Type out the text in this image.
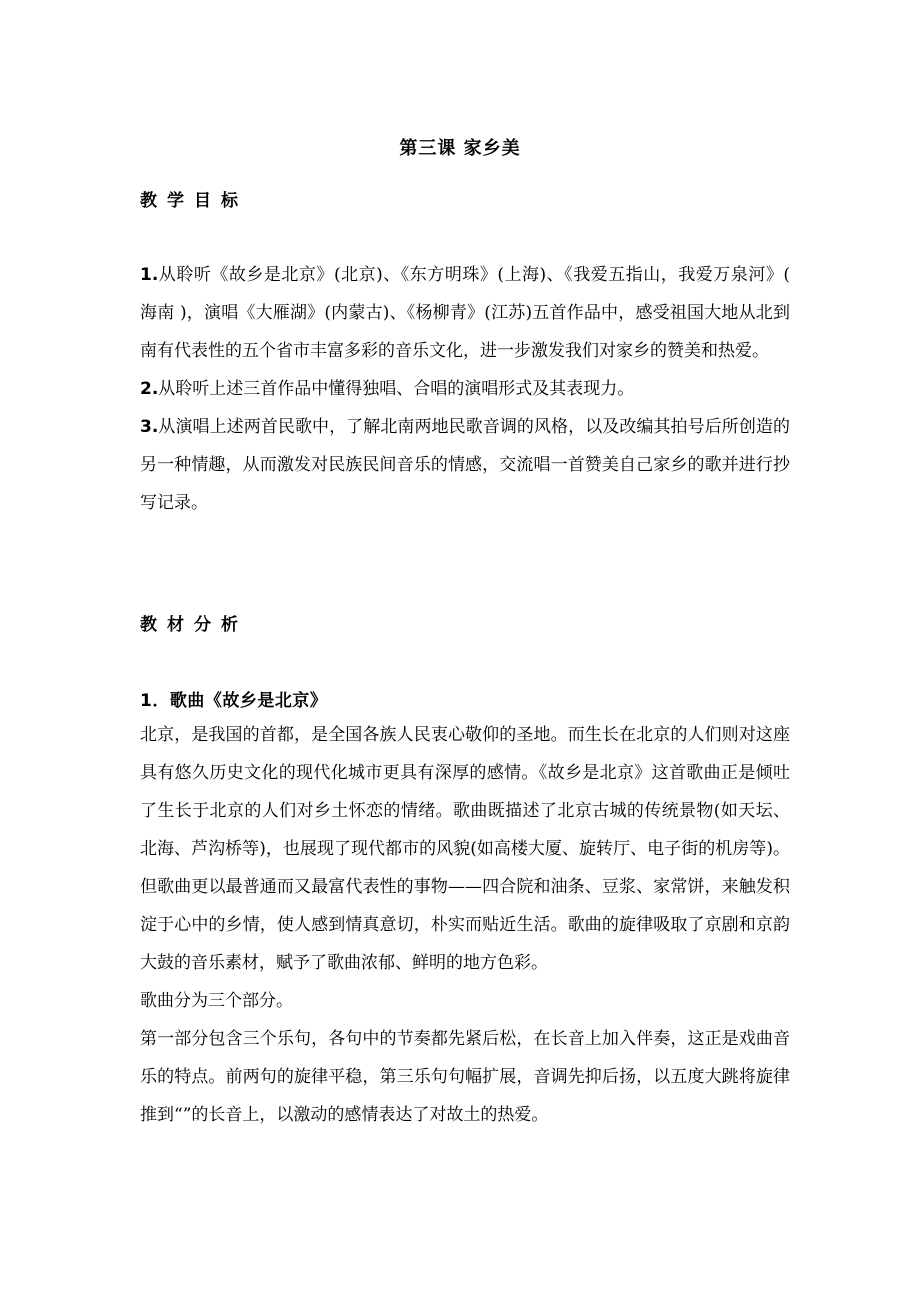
第三课 家乡美
教学目标

1.从聆听《故乡是北京》(北京)、《东方明珠》(上海)、《我爱五指山，我爱万泉河》( 海南 )，演唱《大雁湖》(内蒙古)、《杨柳青》(江苏)五首作品中，感受祖国大地从北到南有代表性的五个省市丰富多彩的音乐文化，进一步激发我们对家乡的赞美和热爱。

2.从聆听上述三首作品中懂得独唱、合唱的演唱形式及其表现力。

3.从演唱上述两首民歌中，了解北南两地民歌音调的风格，以及改编其拍号后所创造的另一种情趣，从而激发对民族民间音乐的情感，交流唱一首赞美自己家乡的歌并进行抄写记录。

教材分析
1．歌曲《故乡是北京》

北京，是我国的首都，是全国各族人民衷心敬仰的圣地。而生长在北京的人们则对这座具有悠久历史文化的现代化城市更具有深厚的感情。《故乡是北京》这首歌曲正是倾吐了生长于北京的人们对乡土怀恋的情绪。歌曲既描述了北京古城的传统景物(如天坛、北海、芦沟桥等)，也展现了现代都市的风貌(如高楼大厦、旋转厅、电子街的机房等)。但歌曲更以最普通而又最富代表性的事物——四合院和油条、豆浆、家常饼，来触发积淀于心中的乡情，使人感到情真意切，朴实而贴近生活。歌曲的旋律吸取了京剧和京韵大鼓的音乐素材，赋予了歌曲浓郁、鲜明的地方色彩。

歌曲分为三个部分。

第一部分包含三个乐句，各句中的节奏都先紧后松，在长音上加入伴奏，这正是戏曲音乐的特点。前两句的旋律平稳，第三乐句句幅扩展，音调先抑后扬，以五度大跳将旋律推到“”的长音上，以激动的感情表达了对故土的热爱。
